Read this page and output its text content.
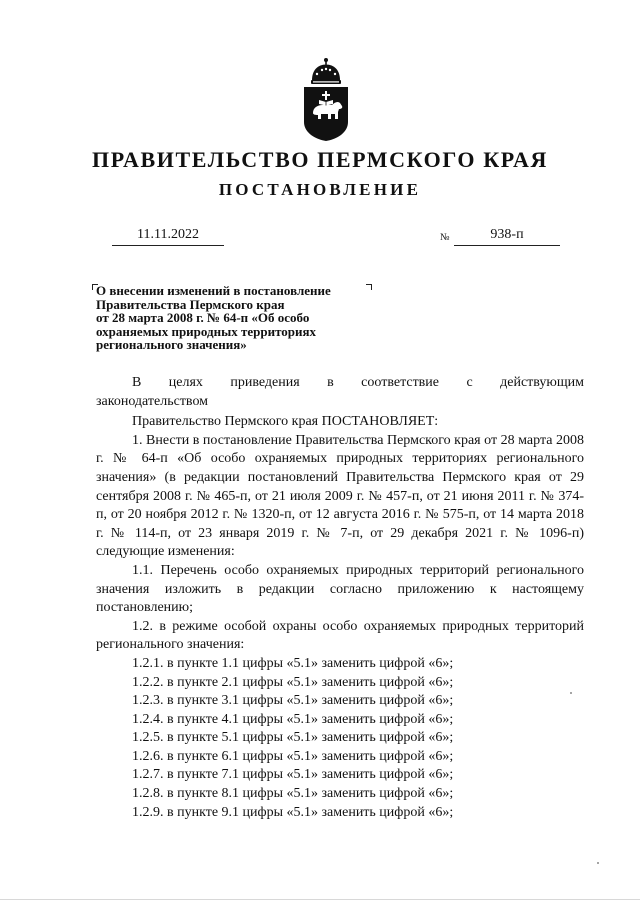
ПРАВИТЕЛЬСТВО ПЕРМСКОГО КРАЯ
ПОСТАНОВЛЕНИЕ
11.11.2022	№	938-п
О внесении изменений в постановление
Правительства Пермского края
от 28 марта 2008 г. № 64-п «Об особо
охраняемых природных территориях
регионального значения»

В целях приведения в соответствие с действующим

законодательством

Правительство Пермского края ПОСТАНОВЛЯЕТ:

1. Внести в постановление Правительства Пермского края от 28 марта 2008 г. № 64-п «Об особо охраняемых природных территориях регионального значения» (в редакции постановлений Правительства Пермского края от 29 сентября 2008 г. № 465-п, от 21 июля 2009 г. № 457-п, от 21 июня 2011 г. № 374-п, от 20 ноября 2012 г. № 1320-п, от 12 августа 2016 г. № 575-п, от 14 марта 2018 г. № 114-п, от 23 января 2019 г. № 7-п, от 29 декабря 2021 г. № 1096-п) следующие изменения:

1.1. Перечень особо охраняемых природных территорий регионального значения изложить в редакции согласно приложению к настоящему постановлению;

1.2. в режиме особой охраны особо охраняемых природных территорий регионального значения:

1.2.1. в пункте 1.1 цифры «5.1» заменить цифрой «6»;

1.2.2. в пункте 2.1 цифры «5.1» заменить цифрой «6»;

1.2.3. в пункте 3.1 цифры «5.1» заменить цифрой «6»;

1.2.4. в пункте 4.1 цифры «5.1» заменить цифрой «6»;

1.2.5. в пункте 5.1 цифры «5.1» заменить цифрой «6»;

1.2.6. в пункте 6.1 цифры «5.1» заменить цифрой «6»;

1.2.7. в пункте 7.1 цифры «5.1» заменить цифрой «6»;

1.2.8. в пункте 8.1 цифры «5.1» заменить цифрой «6»;

1.2.9. в пункте 9.1 цифры «5.1» заменить цифрой «6»;
